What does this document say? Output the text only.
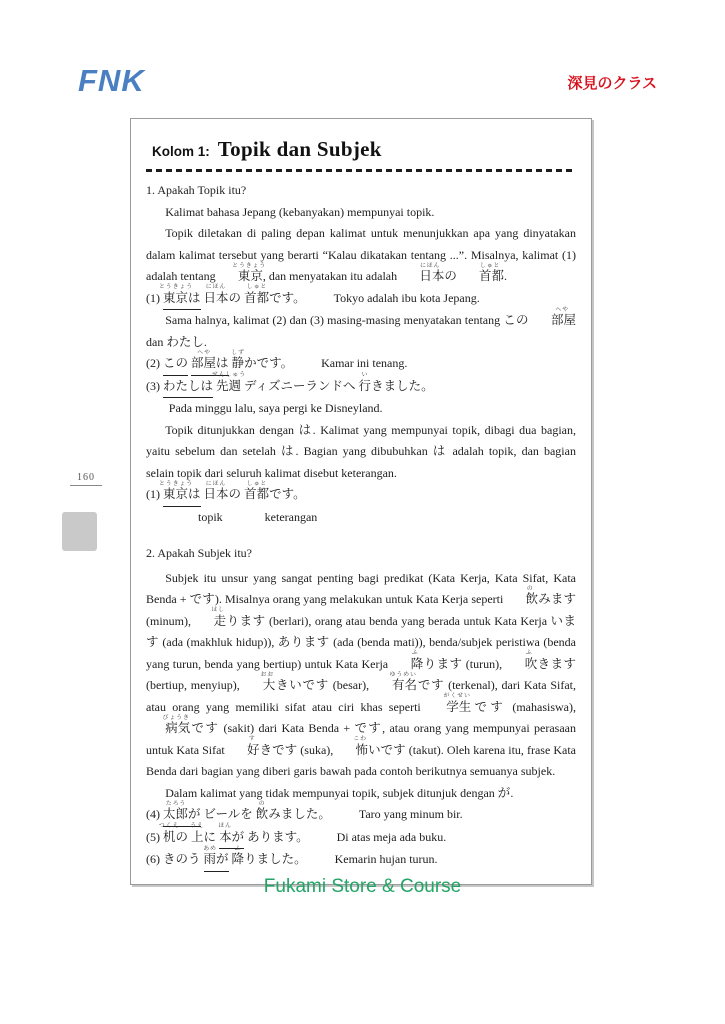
FNK	深見のクラス
160
Kolom 1: Topik dan Subjek
1. Apakah Topik itu?
Kalimat bahasa Jepang (kebanyakan) mempunyai topik.
Topik diletakan di paling depan kalimat untuk menunjukkan apa yang dinyatakan dalam kalimat tersebut yang berarti “Kalau dikatakan tentang ...”. Misalnya, kalimat (1) adalah tentang 東京
とうきょう
, dan menyatakan itu adalah 日本
にほん
の 首都
しゅと
.
(1) 東京
とうきょう
は 日本
にほん
の 首都
しゅと
です。 Tokyo adalah ibu kota Jepang.
Sama halnya, kalimat (2) dan (3) masing-masing menyatakan tentang この 部屋
へや
dan わたし.
(2) この 部屋
へや
は 静
しず
かです。 Kamar ini tenang.
(3) わたしは 先週
せんしゅう
ディズニーランドへ 行
い
きました。
Pada minggu lalu, saya pergi ke Disneyland.
Topik ditunjukkan dengan は. Kalimat yang mempunyai topik, dibagi dua bagian, yaitu sebelum dan setelah は. Bagian yang dibubuhkan は adalah topik, dan bagian selain topik dari seluruh kalimat disebut keterangan.
(1) 東京
とうきょう
は 日本
にほん
の 首都
しゅと
です。
topik	keterangan
2. Apakah Subjek itu?
Subjek itu unsur yang sangat penting bagi predikat (Kata Kerja, Kata Sifat, Kata Benda + です). Misalnya orang yang melakukan untuk Kata Kerja seperti 飲
の
みます (minum), 走
はし
ります (berlari), orang atau benda yang berada untuk Kata Kerja います (ada (makhluk hidup)), あります (ada (benda mati)), benda/subjek peristiwa (benda yang turun, benda yang bertiup) untuk Kata Kerja 降
ふ
ります (turun), 吹
ふ
きます (bertiup, menyiup), 大
おお
きいです (besar), 有名
ゆうめい
です (terkenal), dari Kata Sifat, atau orang yang memiliki sifat atau ciri khas seperti 学生
がくせい
です (mahasiswa), 病気
びょうき
です (sakit) dari Kata Benda + です, atau orang yang mempunyai perasaan untuk Kata Sifat 好
す
きです (suka), 怖
こわ
いです (takut). Oleh karena itu, frase Kata Benda dari bagian yang diberi garis bawah pada contoh berikutnya semuanya subjek.
Dalam kalimat yang tidak mempunyai topik, subjek ditunjuk dengan が.
(4) 太郎
たろう
が ビールを 飲
の
みました。 Taro yang minum bir.
(5) 机
つくえ
の 上
うえ
に 本
ほん
が あります。 Di atas meja ada buku.
(6) きのう 雨
あめ
が 降
ふ
りました。 Kemarin hujan turun.
Fukami Store & Course
